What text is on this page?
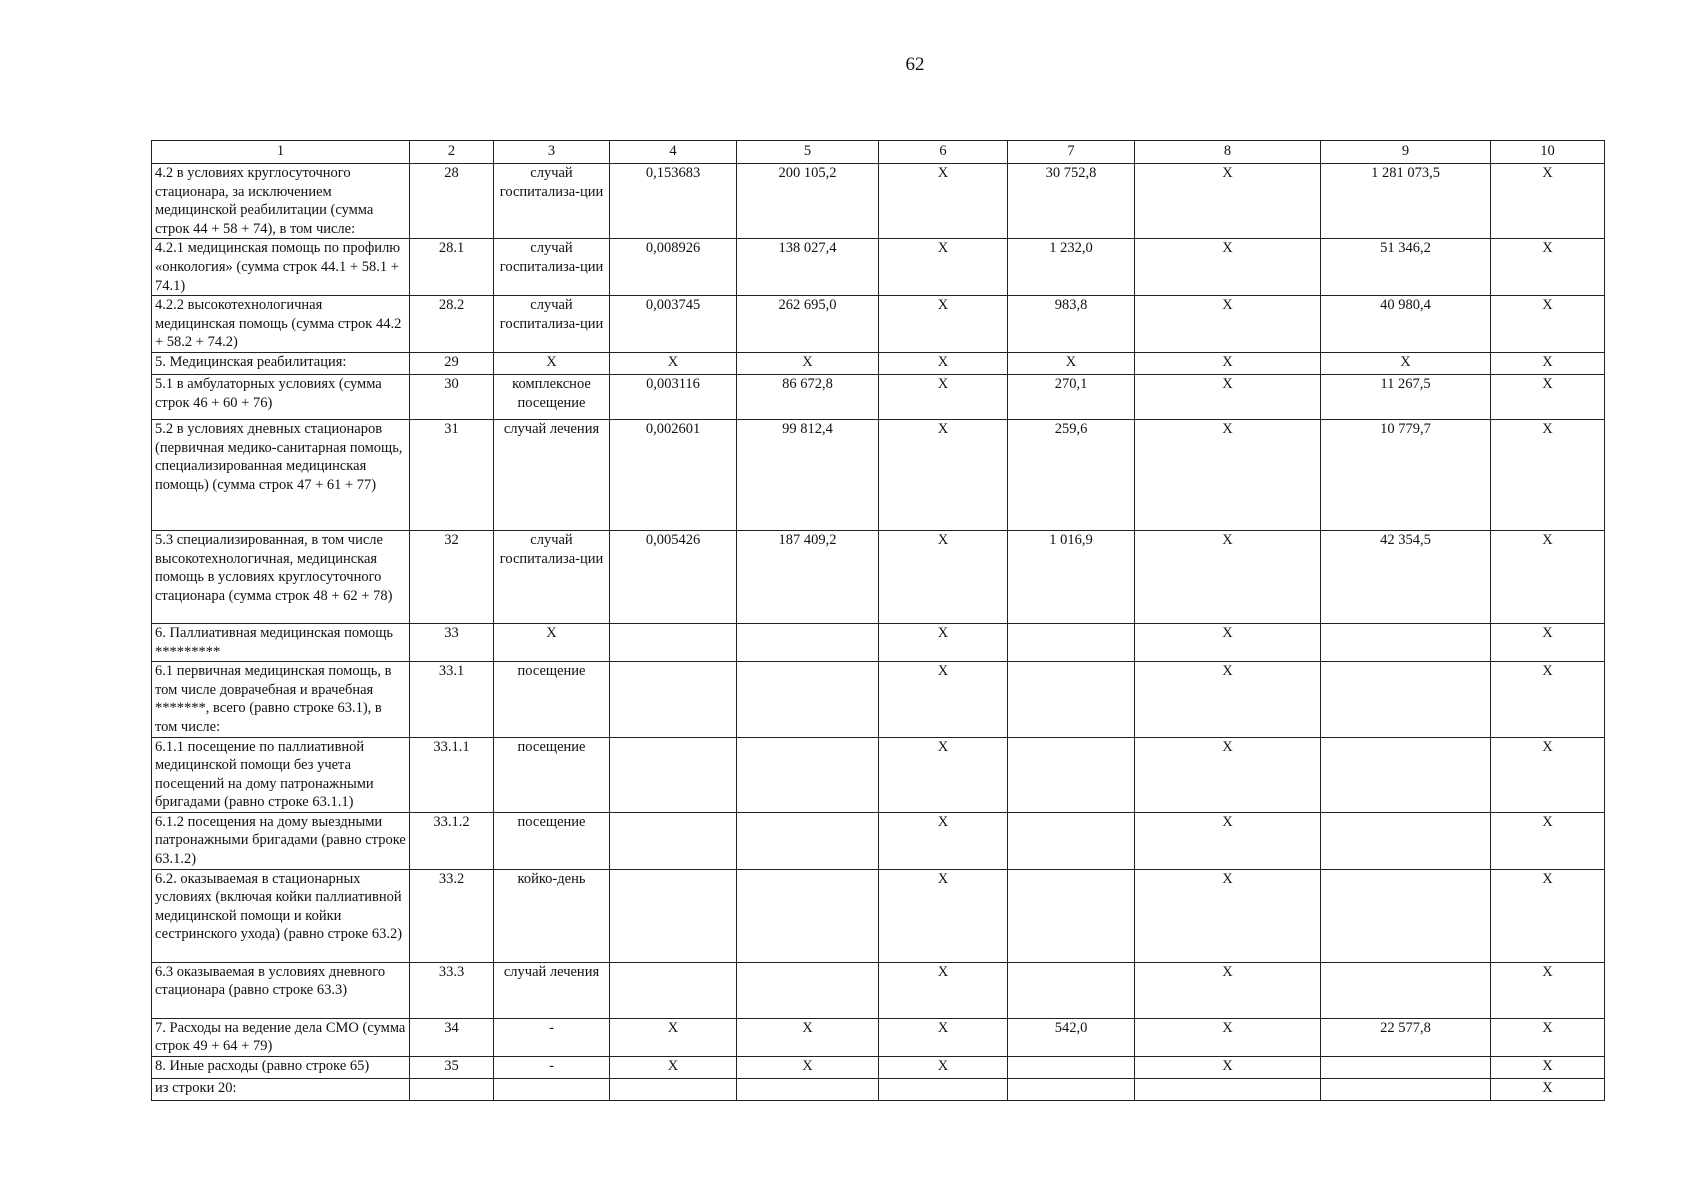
62
1	2	3	4	5	6	7	8	9	10
4.2 в условиях круглосуточного стационара, за исключением медицинской реабилитации (сумма строк 44 + 58 + 74), в том числе:	28	случай госпитализа-ции	0,153683	200 105,2	X	30 752,8	X	1 281 073,5	X
4.2.1 медицинская помощь по профилю «онкология» (сумма строк 44.1 + 58.1 + 74.1)	28.1	случай госпитализа-ции	0,008926	138 027,4	X	1 232,0	X	51 346,2	X
4.2.2 высокотехнологичная медицинская помощь (сумма строк 44.2 + 58.2 + 74.2)	28.2	случай госпитализа-ции	0,003745	262 695,0	X	983,8	X	40 980,4	X
5. Медицинская реабилитация:	29	X	X	X	X	X	X	X	X
5.1 в амбулаторных условиях (сумма строк 46 + 60 + 76)	30	комплексное посещение	0,003116	86 672,8	X	270,1	X	11 267,5	X
5.2 в условиях дневных стационаров (первичная медико-санитарная помощь, специализированная медицинская помощь) (сумма строк 47 + 61 + 77)	31	случай лечения	0,002601	99 812,4	X	259,6	X	10 779,7	X
5.3 специализированная, в том числе высокотехнологичная, медицинская помощь в условиях круглосуточного стационара (сумма строк 48 + 62 + 78)	32	случай госпитализа-ции	0,005426	187 409,2	X	1 016,9	X	42 354,5	X
6. Паллиативная медицинская помощь *********	33	X			X		X		X
6.1 первичная медицинская помощь, в том числе доврачебная и врачебная *******, всего (равно строке 63.1), в том числе:	33.1	посещение			X		X		X
6.1.1 посещение по паллиативной медицинской помощи без учета посещений на дому патронажными бригадами (равно строке 63.1.1)	33.1.1	посещение			X		X		X
6.1.2 посещения на дому выездными патронажными бригадами (равно строке 63.1.2)	33.1.2	посещение			X		X		X
6.2. оказываемая в стационарных условиях (включая койки паллиативной медицинской помощи и койки сестринского ухода) (равно строке 63.2)	33.2	койко-день			X		X		X
6.3 оказываемая в условиях дневного стационара (равно строке 63.3)	33.3	случай лечения			X		X		X
7. Расходы на ведение дела СМО (сумма строк 49 + 64 + 79)	34	-	X	X	X	542,0	X	22 577,8	X
8. Иные расходы (равно строке 65)	35	-	X	X	X		X		X
из строки 20:									X
